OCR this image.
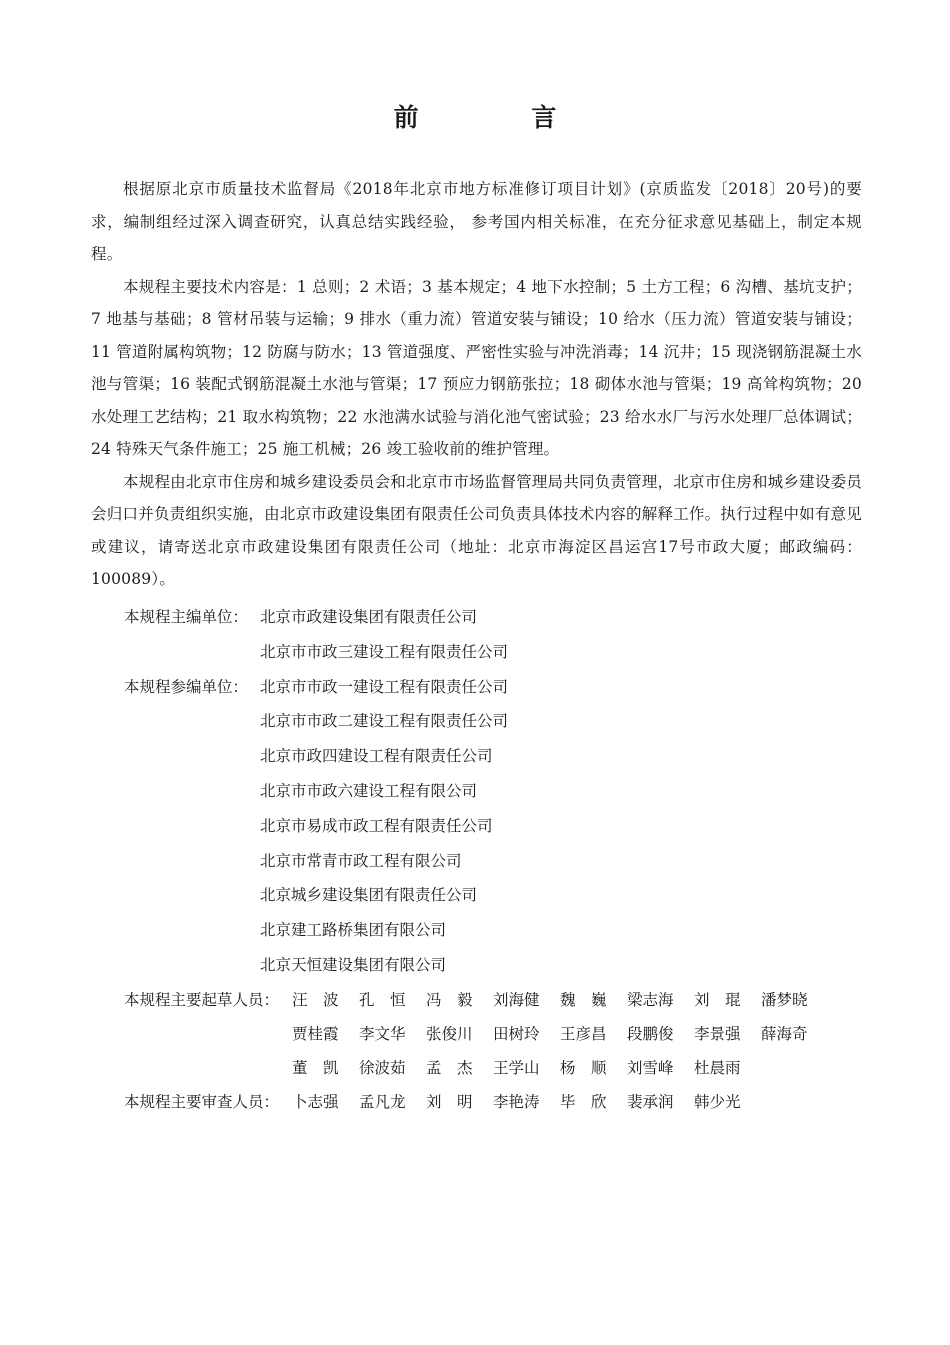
前 言

根据原北京市质量技术监督局《2018年北京市地方标准修订项目计划》(京质监发〔2018〕20号)的要求，编制组经过深入调查研究，认真总结实践经验， 参考国内相关标准，在充分征求意见基础上，制定本规程。

本规程主要技术内容是：1 总则；2 术语；3 基本规定；4 地下水控制；5 土方工程；6 沟槽、基坑支护；7 地基与基础；8 管材吊装与运输；9 排水（重力流）管道安装与铺设；10 给水（压力流）管道安装与铺设；11 管道附属构筑物；12 防腐与防水；13 管道强度、严密性实验与冲洗消毒；14 沉井；15 现浇钢筋混凝土水池与管渠；16 装配式钢筋混凝土水池与管渠；17 预应力钢筋张拉；18 砌体水池与管渠；19 高耸构筑物；20 水处理工艺结构；21 取水构筑物；22 水池满水试验与消化池气密试验；23 给水水厂与污水处理厂总体调试；24 特殊天气条件施工；25 施工机械；26 竣工验收前的维护管理。

本规程由北京市住房和城乡建设委员会和北京市市场监督管理局共同负责管理，北京市住房和城乡建设委员会归口并负责组织实施，由北京市政建设集团有限责任公司负责具体技术内容的解释工作。执行过程中如有意见或建议，请寄送北京市政建设集团有限责任公司（地址：北京市海淀区昌运宫17号市政大厦；邮政编码：100089）。

本规程主编单位： 北京市政建设集团有限责任公司
北京市市政三建设工程有限责任公司
本规程参编单位： 北京市市政一建设工程有限责任公司
北京市市政二建设工程有限责任公司
北京市政四建设工程有限责任公司
北京市市政六建设工程有限公司
北京市易成市政工程有限责任公司
北京市常青市政工程有限公司
北京城乡建设集团有限责任公司
北京建工路桥集团有限公司
北京天恒建设集团有限公司
本规程主要起草人员： 汪　波	孔　恒	冯　毅	刘海健	魏　巍	梁志海	刘　琨	潘梦晓
贾桂霞	李文华	张俊川	田树玲	王彦昌	段鹏俊	李景强	薛海奇
董　凯	徐波茹	孟　杰	王学山	杨　顺	刘雪峰	杜晨雨
本规程主要审查人员： 卜志强	孟凡龙	刘　明	李艳涛	毕　欣	裴承润	韩少光
